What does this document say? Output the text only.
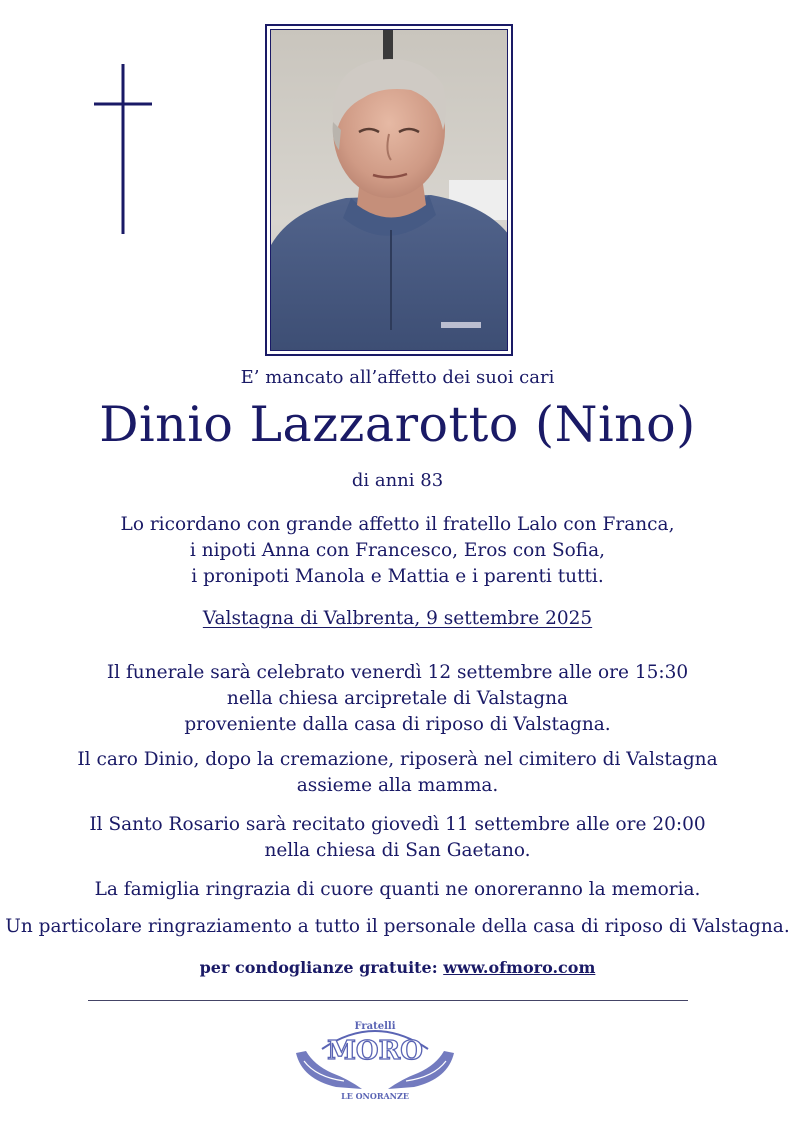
E’ mancato all’affetto dei suoi cari
Dinio Lazzarotto (Nino)
di anni 83
Lo ricordano con grande affetto il fratello Lalo con Franca,
i nipoti Anna con Francesco, Eros con Sofia,
i pronipoti Manola e Mattia e i parenti tutti.
Valstagna di Valbrenta, 9 settembre 2025
Il funerale sarà celebrato venerdì 12 settembre alle ore 15:30
nella chiesa arcipretale di Valstagna
proveniente dalla casa di riposo di Valstagna.
Il caro Dinio, dopo la cremazione, riposerà nel cimitero di Valstagna
assieme alla mamma.
Il Santo Rosario sarà recitato giovedì 11 settembre alle ore 20:00
nella chiesa di San Gaetano.
La famiglia ringrazia di cuore quanti ne onoreranno la memoria.
Un particolare ringraziamento a tutto il personale della casa di riposo di Valstagna.
per condoglianze gratuite: www.ofmoro.com
Fratelli
MORO
LE ONORANZE
